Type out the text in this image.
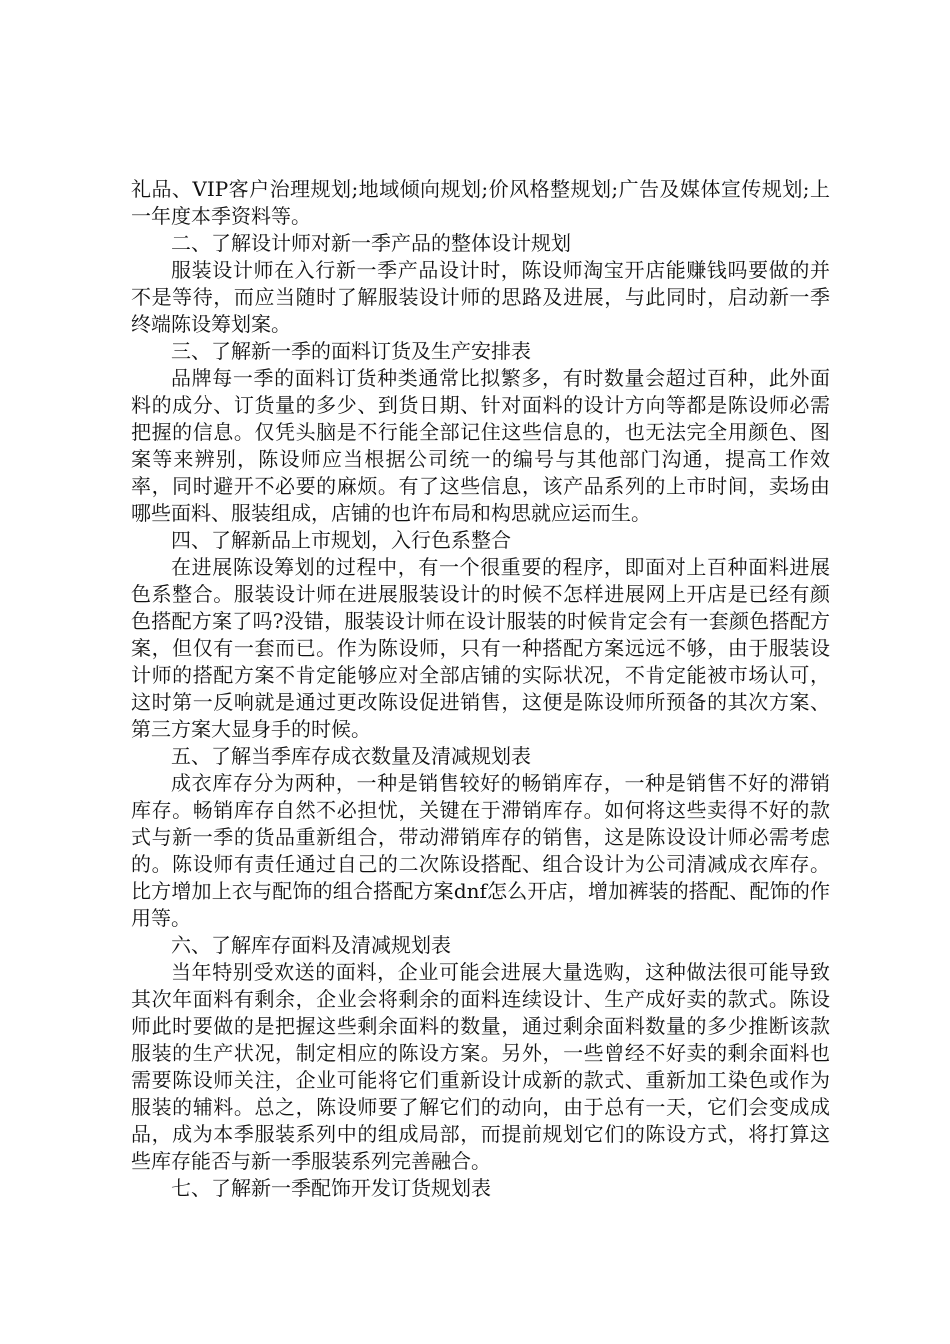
礼品、VIP客户治理规划;地域倾向规划;价风格整规划;广告及媒体宣传规划;上一年度本季资料等。

二、了解设计师对新一季产品的整体设计规划

服装设计师在入行新一季产品设计时，陈设师淘宝开店能赚钱吗要做的并不是等待，而应当随时了解服装设计师的思路及进展，与此同时，启动新一季终端陈设筹划案。

三、了解新一季的面料订货及生产安排表

品牌每一季的面料订货种类通常比拟繁多，有时数量会超过百种，此外面料的成分、订货量的多少、到货日期、针对面料的设计方向等都是陈设师必需把握的信息。仅凭头脑是不行能全部记住这些信息的，也无法完全用颜色、图案等来辨别，陈设师应当根据公司统一的编号与其他部门沟通，提高工作效率，同时避开不必要的麻烦。有了这些信息，该产品系列的上市时间，卖场由哪些面料、服装组成，店铺的也许布局和构思就应运而生。

四、了解新品上市规划，入行色系整合

在进展陈设筹划的过程中，有一个很重要的程序，即面对上百种面料进展色系整合。服装设计师在进展服装设计的时候不怎样进展网上开店是已经有颜色搭配方案了吗?没错，服装设计师在设计服装的时候肯定会有一套颜色搭配方案，但仅有一套而已。作为陈设师，只有一种搭配方案远远不够，由于服装设计师的搭配方案不肯定能够应对全部店铺的实际状况，不肯定能被市场认可，这时第一反响就是通过更改陈设促进销售，这便是陈设师所预备的其次方案、第三方案大显身手的时候。

五、了解当季库存成衣数量及清减规划表

成衣库存分为两种，一种是销售较好的畅销库存，一种是销售不好的滞销库存。畅销库存自然不必担忧，关键在于滞销库存。如何将这些卖得不好的款式与新一季的货品重新组合，带动滞销库存的销售，这是陈设设计师必需考虑的。陈设师有责任通过自己的二次陈设搭配、组合设计为公司清减成衣库存。比方增加上衣与配饰的组合搭配方案dnf怎么开店，增加裤装的搭配、配饰的作用等。

六、了解库存面料及清减规划表

当年特别受欢送的面料，企业可能会进展大量选购，这种做法很可能导致其次年面料有剩余，企业会将剩余的面料连续设计、生产成好卖的款式。陈设师此时要做的是把握这些剩余面料的数量，通过剩余面料数量的多少推断该款服装的生产状况，制定相应的陈设方案。另外，一些曾经不好卖的剩余面料也需要陈设师关注，企业可能将它们重新设计成新的款式、重新加工染色或作为服装的辅料。总之，陈设师要了解它们的动向，由于总有一天，它们会变成成品，成为本季服装系列中的组成局部，而提前规划它们的陈设方式，将打算这些库存能否与新一季服装系列完善融合。

七、了解新一季配饰开发订货规划表
